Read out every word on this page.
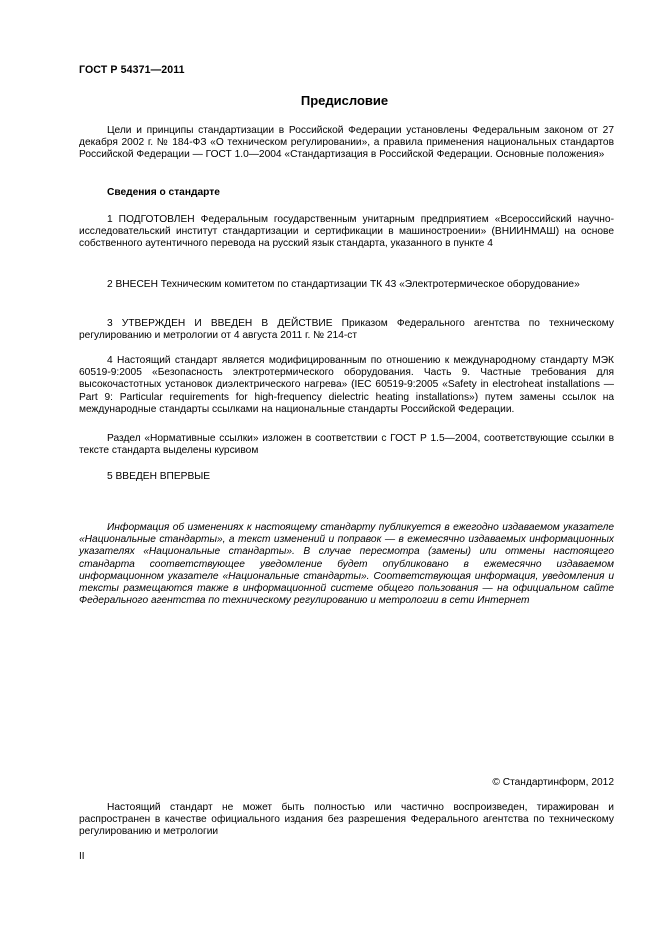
ГОСТ Р 54371—2011
Предисловие

Цели и принципы стандартизации в Российской Федерации установлены Федеральным законом от 27 декабря 2002 г. № 184-ФЗ «О техническом регулировании», а правила применения национальных стандартов Российской Федерации — ГОСТ 1.0—2004 «Стандартизация в Российской Федерации. Основные положения»

Сведения о стандарте

1 ПОДГОТОВЛЕН Федеральным государственным унитарным предприятием «Всероссийский научно-исследовательский институт стандартизации и сертификации в машиностроении» (ВНИИНМАШ) на основе собственного аутентичного перевода на русский язык стандарта, указанного в пункте 4

2 ВНЕСЕН Техническим комитетом по стандартизации ТК 43 «Электротермическое оборудование»

3 УТВЕРЖДЕН И ВВЕДЕН В ДЕЙСТВИЕ Приказом Федерального агентства по техническому регулированию и метрологии от 4 августа 2011 г. № 214-ст

4 Настоящий стандарт является модифицированным по отношению к международному стандарту МЭК 60519-9:2005 «Безопасность электротермического оборудования. Часть 9. Частные требования для высокочастотных установок диэлектрического нагрева» (IEC 60519-9:2005 «Safety in electroheat installations — Part 9: Particular requirements for high-frequency dielectric heating installations») путем замены ссылок на международные стандарты ссылками на национальные стандарты Российской Федерации.

Раздел «Нормативные ссылки» изложен в соответствии с ГОСТ Р 1.5—2004, соответствующие ссылки в тексте стандарта выделены курсивом

5 ВВЕДЕН ВПЕРВЫЕ

Информация об изменениях к настоящему стандарту публикуется в ежегодно издаваемом указателе «Национальные стандарты», а текст изменений и поправок — в ежемесячно издаваемых информационных указателях «Национальные стандарты». В случае пересмотра (замены) или отмены настоящего стандарта соответствующее уведомление будет опубликовано в ежемесячно издаваемом информационном указателе «Национальные стандарты». Соответствующая информация, уведомления и тексты размещаются также в информационной системе общего пользования — на официальном сайте Федерального агентства по техническому регулированию и метрологии в сети Интернет

© Стандартинформ, 2012

Настоящий стандарт не может быть полностью или частично воспроизведен, тиражирован и распространен в качестве официального издания без разрешения Федерального агентства по техническому регулированию и метрологии

II
